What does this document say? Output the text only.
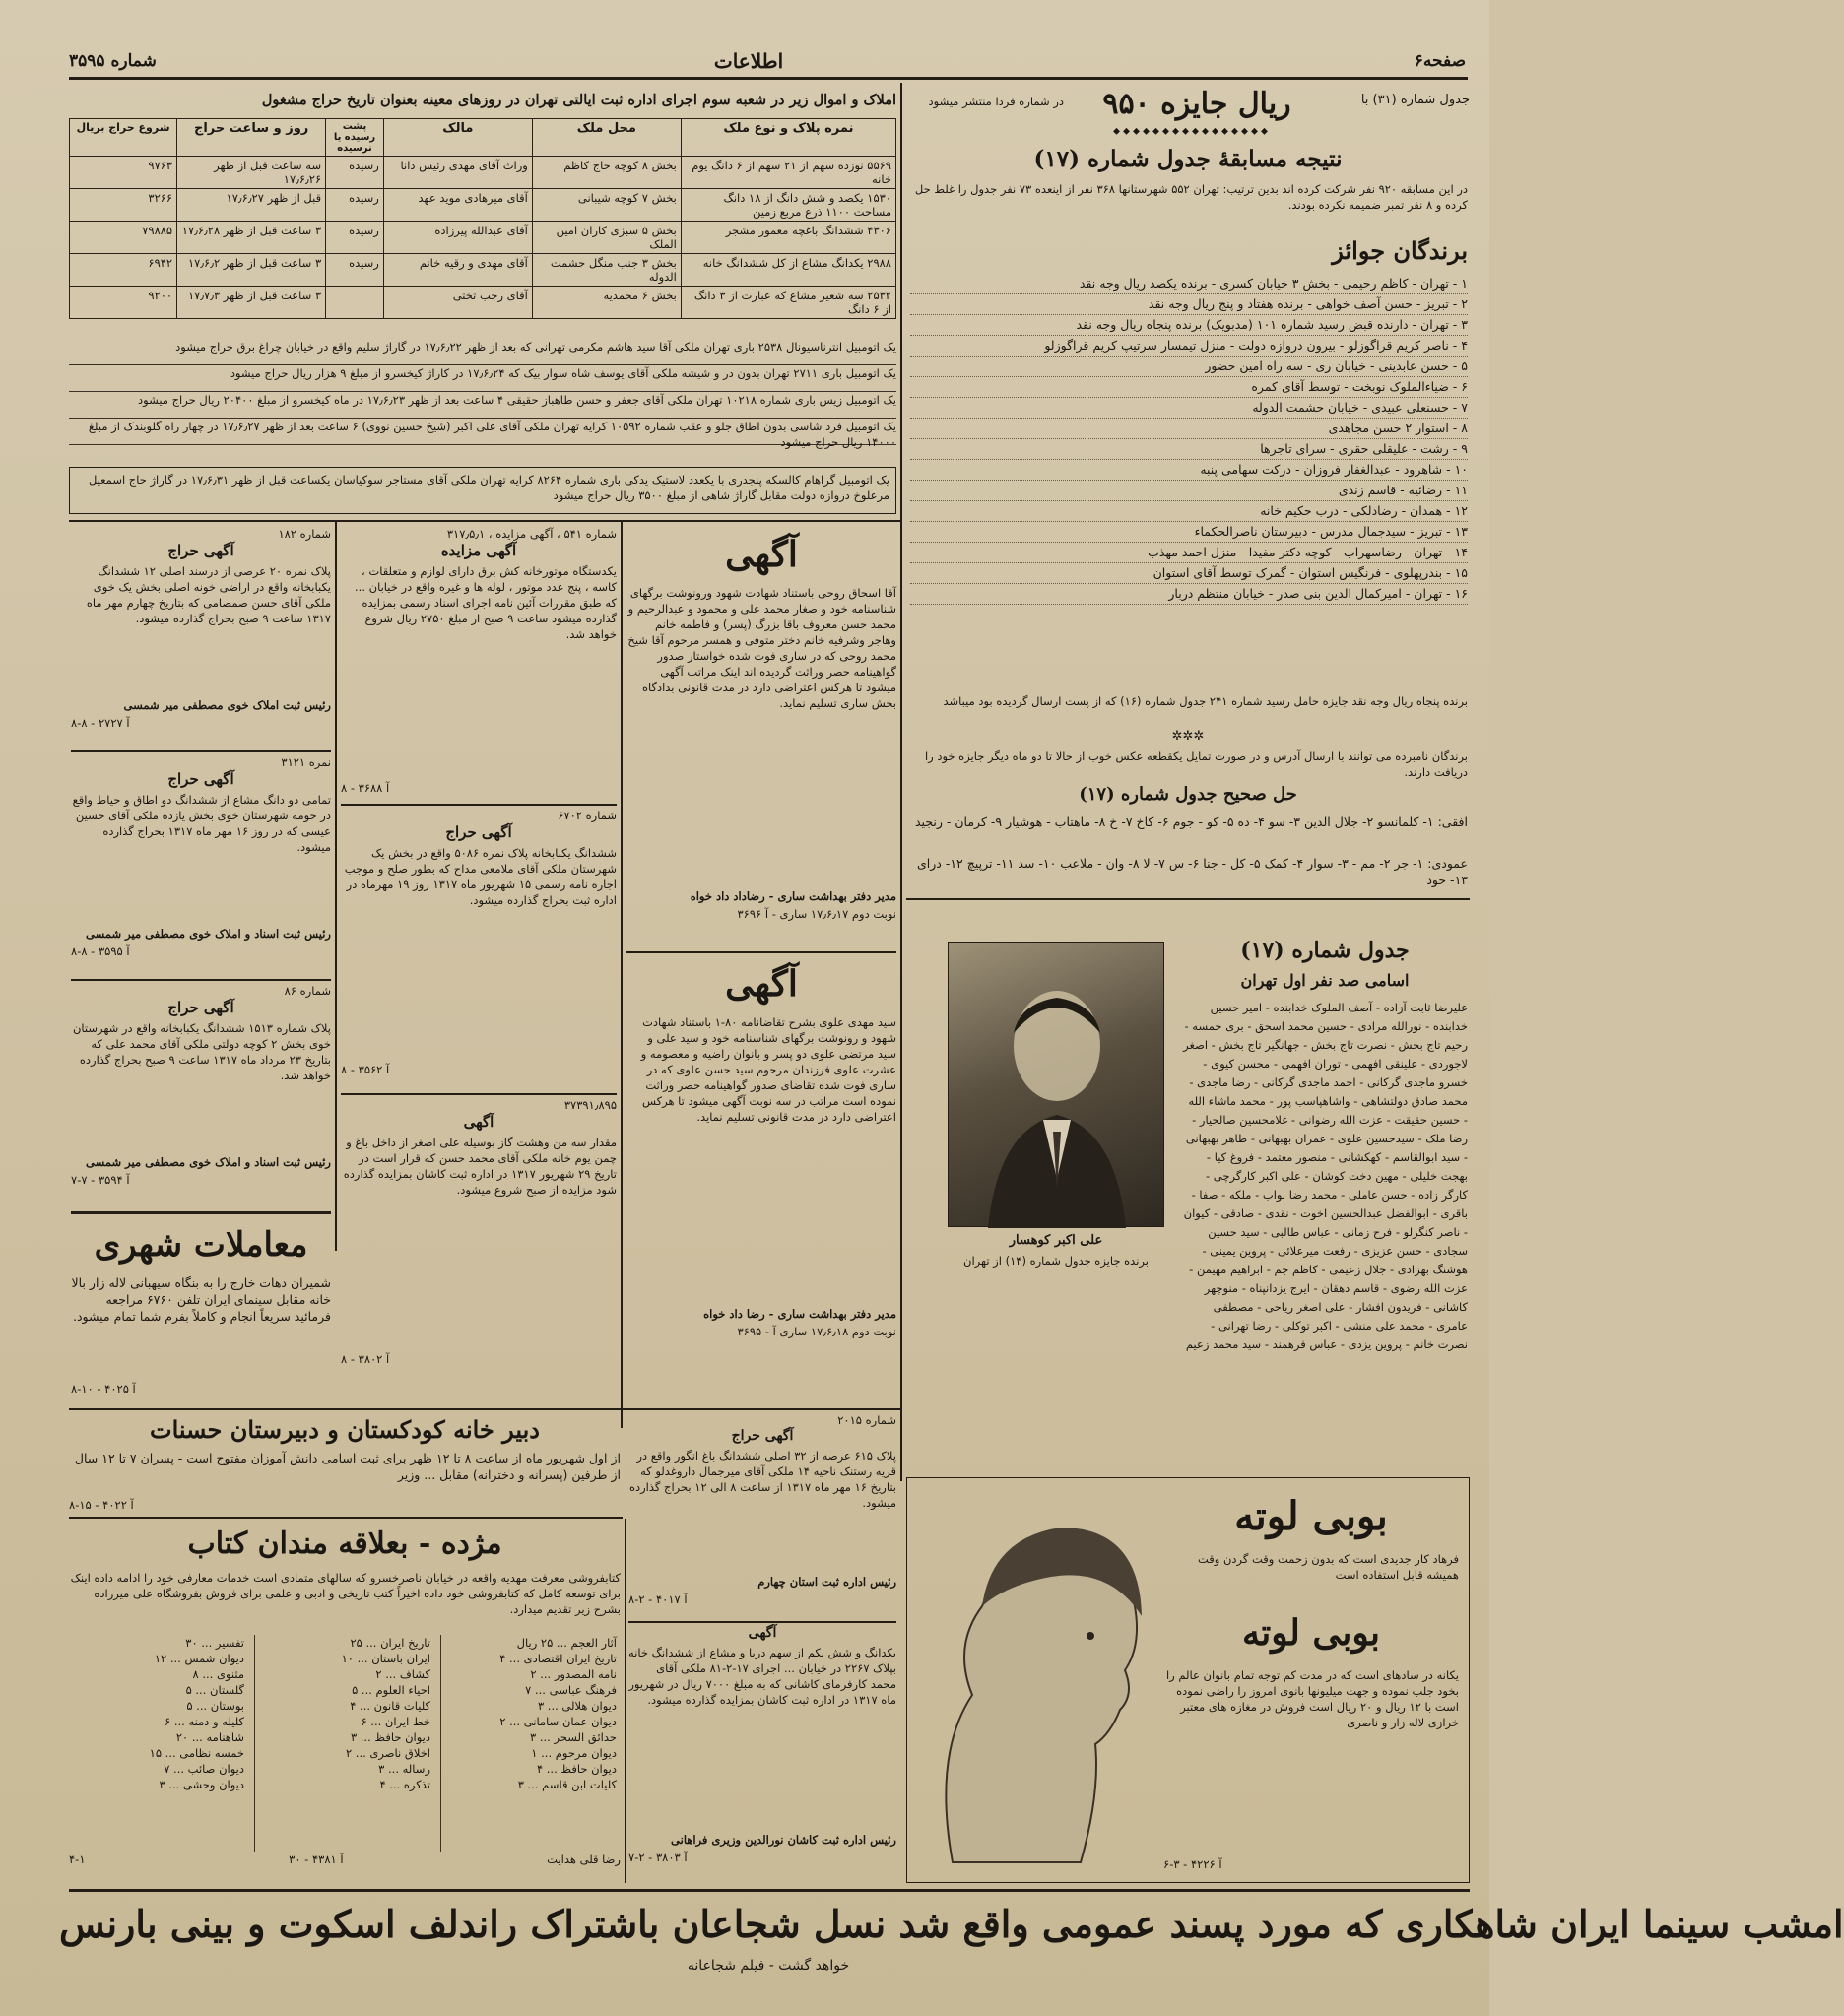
صفحه۶
اطلاعات
شماره ۳۵۹۵
جدول شماره (۳۱) با
۹۵۰ ریال جایزه
در شماره فردا منتشر میشود
⬥⬥⬥⬥⬥⬥⬥⬥⬥⬥⬥⬥⬥⬥⬥⬥
نتیجه مسابقهٔ جدول شماره (۱۷)
در این مسابقه ۹۲۰ نفر شرکت کرده اند بدین ترتیب: تهران ۵۵۲ شهرستانها ۳۶۸ نفر از اینعده ۷۳ نفر جدول را غلط حل کرده و ۸ نفر تمبر ضمیمه نکرده بودند.
برندگان جوائز
۱ - تهران - کاظم رحیمی - بخش ۳ خیابان کسری - برنده یکصد ریال وجه نقد
۲ - تبریز - حسن آصف خواهی - برنده هفتاد و پنج ریال وجه نقد
۳ - تهران - دارنده قبض رسید شماره ۱۰۱ (مدبویک) برنده پنجاه ریال وجه نقد
۴ - ناصر کریم قراگوزلو - بیرون دروازه دولت - منزل تیمسار سرتیپ کریم قراگوزلو
۵ - حسن عابدینی - خیابان ری - سه راه امین حضور
۶ - ضیاءالملوک نوبخت - توسط آقای کمره
۷ - حسنعلی عبیدی - خیابان حشمت الدوله
۸ - استوار ۲ حسن مجاهدی
۹ - رشت - علیقلی حقری - سرای تاجرها
۱۰ - شاهرود - عبدالغفار فروزان - درکت سهامی پنبه
۱۱ - رضائیه - قاسم زندی
۱۲ - همدان - رضادلکی - درب حکیم خانه
۱۳ - تبریز - سیدجمال مدرس - دبیرستان ناصرالحکماء
۱۴ - تهران - رضاسهراب - کوچه دکتر مفیدا - منزل احمد مهذب
۱۵ - بندرپهلوی - فرنگیس استوان - گمرک توسط آقای استوان
۱۶ - تهران - امیرکمال الدین بنی صدر - خیابان منتظم دربار
برنده پنجاه ریال وجه نقد جایزه حامل رسید شماره ۲۴۱ جدول شماره (۱۶) که از پست ارسال گردیده بود میباشد
✲✲✲
برندگان نامبرده می توانند با ارسال آدرس و در صورت تمایل یکقطعه عکس خوب از حالا تا دو ماه دیگر جایزه خود را دریافت دارند.
حل صحیح جدول شماره (۱۷)
افقی: ۱- کلمانسو ۲- جلال الدین ۳- سو ۴- ده ۵- کو - جوم ۶- کاخ ۷- خ ۸- ماهتاب - هوشیار ۹- کرمان - رنجید
عمودی: ۱- جر ۲- مم - ۳- سوار ۴- کمک ۵- کل - جنا ۶- س ۷- لا ۸- وان - ملاعب ۱۰- سد ۱۱- ترپیچ ۱۲- درای ۱۳- خود
جدول شماره (۱۷)
اسامی صد نفر اول تهران
علیرضا ثابت آزاده - آصف الملوک خدابنده - امیر حسین خدابنده - نورالله مرادی - حسین محمد اسحق - بری خمسه - رحیم تاج بخش - نصرت تاج بخش - جهانگیر تاج بخش - اصغر لاجوردی - علینقی افهمی - توران افهمی - محسن کیوی - خسرو ماجدی گرکانی - احمد ماجدی گرکانی - رضا ماجدی - محمد صادق دولتشاهی - واشاهپاسب پور - محمد ماشاء الله - حسین حقیقت - عزت الله رضوانی - غلامحسین صالحیار - رضا ملک - سیدحسین علوی - عمران بهبهانی - طاهر بهبهانی - سید ابوالقاسم - کهکشانی - منصور معتمد - فروغ کیا - بهجت خلیلی - مهین دخت کوشان - علی اکبر کارگرچی - کارگر زاده - حسن عاملی - محمد رضا نواب - ملکه - صفا - باقری - ابوالفضل عبدالحسین اخوت - نقدی - صادقی - کیوان - ناصر کنگرلو - فرح زمانی - عباس طالبی - سید حسین سجادی - حسن عزیزی - رفعت میرعلائی - پروین یمینی - هوشنگ بهزادی - جلال زعیمی - کاظم جم - ابراهیم مهیمن - عزت الله رضوی - قاسم دهقان - ایرج یزدانپناه - منوچهر کاشانی - فریدون افشار - علی اصغر ریاحی - مصطفی عامری - محمد علی منشی - اکبر توکلی - رضا تهرانی - نصرت خانم - پروین یزدی - عباس فرهمند - سید محمد زعیم
علی اکبر کوهسار
برنده جایزه جدول شماره (۱۴) از تهران
املاک و اموال زیر در شعبه سوم اجرای اداره ثبت ایالتی تهران در روزهای معینه بعنوان تاریخ حراج مشغول
نمره پلاک و نوع ملک	محل ملک	مالک	پشت رسیده یا نرسیده	روز و ساعت حراج	شروع حراج بریال
۵۵۶۹ نوزده سهم از ۲۱ سهم از ۶ دانگ یوم خانه	بخش ۸ کوچه حاج کاظم	وراث آقای مهدی رئیس دانا	رسیده	سه ساعت قبل از ظهر ۱۷٫۶٫۲۶	۹۷۶۳
۱۵۳۰ یکصد و شش دانگ از ۱۸ دانگ مساحت ۱۱۰۰ ذرع مربع زمین	بخش ۷ کوچه شیبانی	آقای میرهادی موید عهد	رسیده	قبل از ظهر ۱۷٫۶٫۲۷	۳۲۶۶
۴۳۰۶ ششدانگ باغچه معمور مشجر	بخش ۵ سبزی کاران امین الملک	آقای عبدالله پیرزاده	رسیده	۳ ساعت قبل از ظهر ۱۷٫۶٫۲۸	۷۹۸۸۵
۲۹۸۸ یکدانگ مشاع از کل ششدانگ خانه	بخش ۳ جنب منگل حشمت الدوله	آقای مهدی و رقیه خانم	رسیده	۳ ساعت قبل از ظهر ۱۷٫۶٫۲	۶۹۴۲
۲۵۳۲ سه شعیر مشاع که عبارت از ۳ دانگ از ۶ دانگ	بخش ۶ محمدیه	آقای رجب تختی		۳ ساعت قبل از ظهر ۱۷٫۷٫۳	۹۲۰۰
یک اتومبیل انترناسیونال ۲۵۳۸ باری تهران ملکی آقا سید هاشم مکرمی تهرانی که بعد از ظهر ۱۷٫۶٫۲۲ در گاراژ سلیم واقع در خیابان چراغ برق حراج میشود
یک اتومبیل باری ۲۷۱۱ تهران بدون در و شیشه ملکی آقای یوسف شاه سوار بیک که ۱۷٫۶٫۲۴ در کاراژ کیخسرو از مبلغ ۹ هزار ریال حراج میشود
یک اتومبیل زیس باری شماره ۱۰۲۱۸ تهران ملکی آقای جعفر و حسن طاهباز حقیقی ۴ ساعت بعد از ظهر ۱۷٫۶٫۲۳ در ماه کیخسرو از مبلغ ۲۰۴۰۰ ریال حراج میشود
یک اتومبیل فرد شاسی بدون اطاق جلو و عقب شماره ۱۰۵۹۲ کرایه تهران ملکی آقای علی اکبر (شیخ حسین نووی) ۶ ساعت بعد از ظهر ۱۷٫۶٫۲۷ در چهار راه گلوبندک از مبلغ ۱۴۰۰۰ ریال حراج میشود
یک اتومبیل گراهام کالسکه پنجدری با یکعدد لاستیک یدکی باری شماره ۸۲۶۴ کرایه تهران ملکی آقای مستاجر سوکیاسان یکساعت قبل از ظهر ۱۷٫۶٫۳۱ در گاراژ حاج اسمعیل مرعلوخ دروازه دولت مقابل گاراژ شاهی از مبلغ ۳۵۰۰ ریال حراج میشود
آگهی
آقا اسحاق روحی باستناد شهادت شهود ورونوشت برگهای شناسنامه خود و صغار محمد علی و محمود و عبدالرحیم و محمد حسن معروف باقا بزرگ (پسر) و فاطمه خانم وهاجر وشرفیه خانم دختر متوفی و همسر مرحوم آقا شیخ محمد روحی که در ساری فوت شده خواستار صدور گواهینامه حصر وراثت گردیده اند اینک مراتب آگهی میشود تا هرکس اعتراضی دارد در مدت قانونی بدادگاه بخش ساری تسلیم نماید.
مدیر دفتر بهداشت ساری - رضاداد داد خواه
نوبت دوم ۱۷٫۶٫۱۷ ساری - آ ۳۶۹۶
آگهی
سید مهدی علوی بشرح تقاضانامه ۸۰-۱ باستناد شهادت شهود و رونوشت برگهای شناسنامه خود و سید علی و سید مرتضی علوی دو پسر و بانوان راضیه و معصومه و عشرت علوی فرزندان مرحوم سید حسن علوی که در ساری فوت شده تقاضای صدور گواهینامه حصر وراثت نموده است مراتب در سه نوبت آگهی میشود تا هرکس اعتراضی دارد در مدت قانونی تسلیم نماید.
مدیر دفتر بهداشت ساری - رضا داد خواه
نوبت دوم ۱۷٫۶٫۱۸ ساری آ - ۳۶۹۵
شماره ۵۴۱ ، آگهی مزایده ، ۳۱۷٫۵٫۱
آگهی مزایده
یکدستگاه موتورخانه کش برق دارای لوازم و متعلقات ، کاسه ، پنج عدد موتور ، لوله ها و غیره واقع در خیابان ... که طبق مقررات آئین نامه اجرای اسناد رسمی بمزایده گذارده میشود ساعت ۹ صبح از مبلغ ۲۷۵۰ ریال شروع خواهد شد.
آ ۳۶۸۸ - ۸
شماره ۶۷۰۲
آگهی حراج
ششدانگ یکبابخانه پلاک نمره ۵۰۸۶ واقع در بخش یک شهرستان ملکی آقای ملامعی مداح که بطور صلح و موجب اجاره نامه رسمی ۱۵ شهریور ماه ۱۳۱۷ روز ۱۹ مهرماه در اداره ثبت بحراج گذارده میشود.
آ ۳۵۶۲ - ۸
۳۷۳۹۱٫۸۹۵
آگهی
مقدار سه من وهشت گاز بوسیله علی اصغر از داخل باغ و چمن یوم خانه ملکی آقای محمد حسن که قرار است در تاریخ ۲۹ شهریور ۱۳۱۷ در اداره ثبت کاشان بمزایده گذارده شود مزایده از صبح شروع میشود.
آ ۳۸۰۲ - ۸
شماره ۱۸۲
آگهی حراج
پلاک نمره ۲۰ عرصی از درسند اصلی ۱۲ ششدانگ یکبابخانه واقع در اراضی خونه اصلی بخش یک خوی ملکی آقای حسن صمصامی که بتاریخ چهارم مهر ماه ۱۳۱۷ ساعت ۹ صبح بحراج گذارده میشود.
رئیس ثبت املاک خوی مصطفی میر شمسی
آ ۲۷۲۷ - ۸-۸
نمره ۳۱۲۱
آگهی حراج
تمامی دو دانگ مشاع از ششدانگ دو اطاق و حیاط واقع در حومه شهرستان خوی بخش یازده ملکی آقای حسین عیسی که در روز ۱۶ مهر ماه ۱۳۱۷ بحراج گذارده میشود.
رئیس ثبت اسناد و املاک خوی مصطفی میر شمسی
آ ۳۵۹۵ - ۸-۸
شماره ۸۶
آگهی حراج
پلاک شماره ۱۵۱۳ ششدانگ یکبابخانه واقع در شهرستان خوی بخش ۲ کوچه دولتی ملکی آقای محمد علی که بتاریخ ۲۳ مرداد ماه ۱۳۱۷ ساعت ۹ صبح بحراج گذارده خواهد شد.
رئیس ثبت اسناد و املاک خوی مصطفی میر شمسی
آ ۳۵۹۴ - ۷-۷
معاملات شهری
شمیران دهات خارج را به بنگاه سیهبانی لاله زار بالا خانه مقابل سینمای ایران تلفن ۶۷۶۰ مراجعه فرمائید سریعاً انجام و کاملاً بفرم شما تمام میشود.
آ ۴۰۲۵ - ۱۰-۸
دبیر خانه کودکستان و دبیرستان حسنات
از اول شهریور ماه از ساعت ۸ تا ۱۲ ظهر برای ثبت اسامی دانش آموزان مفتوح است - پسران ۷ تا ۱۲ سال از طرفین (پسرانه و دخترانه) مقابل ... وزیر
آ ۴۰۲۲ - ۱۵-۸
مژده - بعلاقه مندان کتاب
کتابفروشی معرفت مهدیه واقعه در خیابان ناصرخسرو که سالهای متمادی است خدمات معارفی خود را ادامه داده اینک برای توسعه کامل که کتابفروشی خود داده اخیراً کتب تاریخی و ادبی و علمی برای فروش بفروشگاه علی میرزاده بشرح زیر تقدیم میدارد.
آثار العجم ... ۲۵ ریال
تاریخ ایران اقتصادی ... ۴
نامه المصدور ... ۲
فرهنگ عباسی ... ۷
دیوان هلالی ... ۳
دیوان عمان سامانی ... ۲
حدائق السحر ... ۳
دیوان مرحوم ... ۱
دیوان حافظ ... ۴
کلیات ابن قاسم ... ۳
تاریخ ایران ... ۲۵
ایران باستان ... ۱۰
کشاف ... ۲
احیاء العلوم ... ۵
کلیات قانون ... ۴
خط ایران ... ۶
دیوان حافظ ... ۳
اخلاق ناصری ... ۲
رساله ... ۳
تذکره ... ۴
تفسیر ... ۳۰
دیوان شمس ... ۱۲
مثنوی ... ۸
گلستان ... ۵
بوستان ... ۵
کلیله و دمنه ... ۶
شاهنامه ... ۲۰
خمسه نظامی ... ۱۵
دیوان صائب ... ۷
دیوان وحشی ... ۳
۴-۱	آ ۴۳۸۱ - ۳۰	رضا قلی هدایت
شماره ۲۰۱۵
آگهی حراج
پلاک ۶۱۵ عرصه از ۳۲ اصلی ششدانگ باغ انگور واقع در قریه رستنک ناحیه ۱۴ ملکی آقای میرجمال داروغدلو که بتاریخ ۱۶ مهر ماه ۱۳۱۷ از ساعت ۸ الی ۱۲ بحراج گذارده میشود.
رئیس اداره ثبت استان چهارم
آ ۴۰۱۷ - ۲-۸
آگهی
یکدانگ و شش یکم از سهم دریا و مشاع از ششدانگ خانه بپلاک ۲۲۶۷ در خیابان ... اجرای ۱۷-۲-۸۱ ملکی آقای محمد کارفرمای کاشانی که به مبلغ ۷۰۰۰ ریال در شهریور ماه ۱۳۱۷ در اداره ثبت کاشان بمزایده گذارده میشود.
رئیس اداره ثبت کاشان نورالدین وزیری فراهانی
آ ۳۸۰۳ - ۲-۷
بوبی لوته
فرهاد کار جدیدی است که بدون زحمت وقت گردن وقت همیشه قابل استفاده است
بوبی لوته
یکانه در سادهای است که در مدت کم توجه تمام بانوان عالم را بخود جلب نموده و جهت میلیونها بانوی امروز را راضی نموده است با ۱۲ ریال و ۲۰ ریال است فروش در مغازه های معتبر خرازی لاله زار و ناصری
آ ۴۲۲۶ - ۳-۶
امشب سینما ایران شاهکاری که مورد پسند عمومی واقع شد نسل شجاعان باشتراک راندلف اسکوت و بینی بارنس
خواهد گشت - فیلم شجاعانه
